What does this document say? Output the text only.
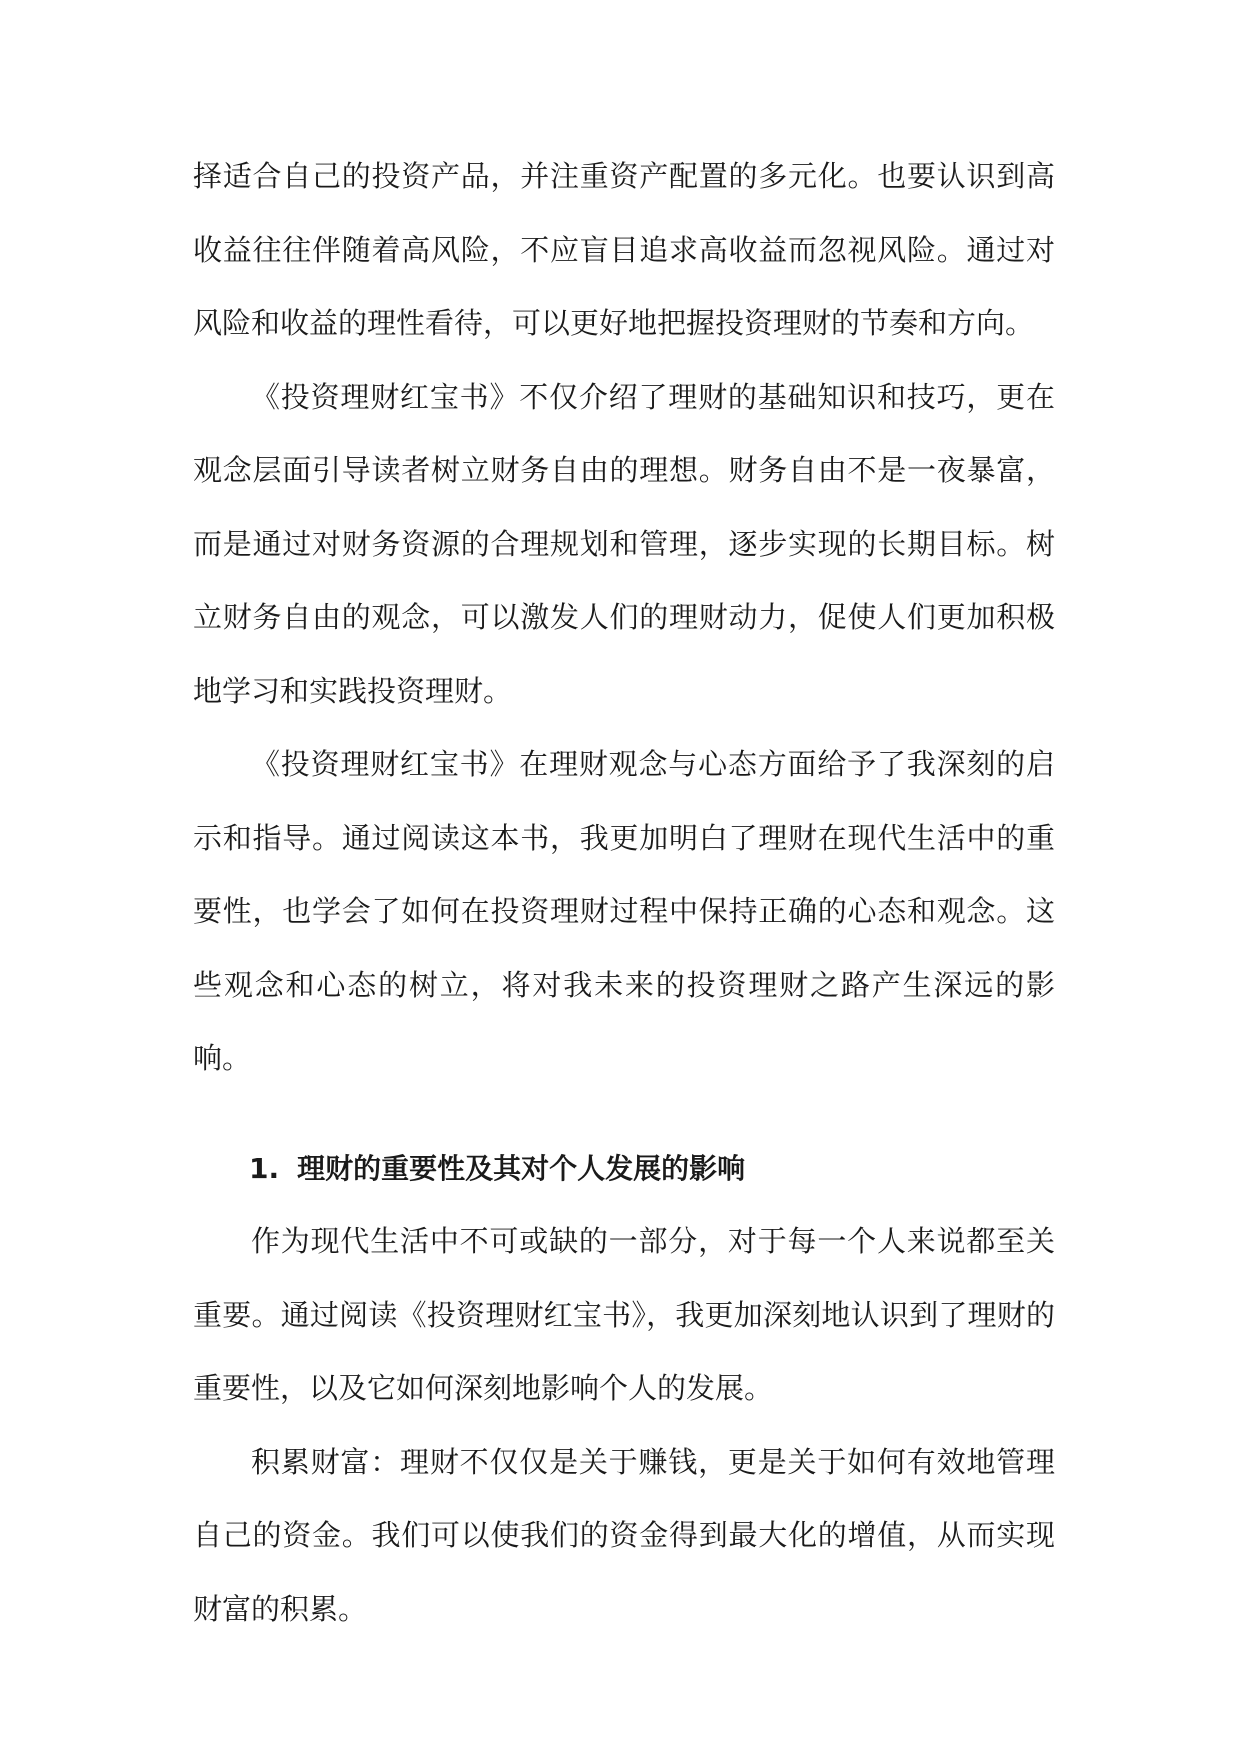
择适合自己的投资产品，并注重资产配置的多元化。也要认识到高收益往往伴随着高风险，不应盲目追求高收益而忽视风险。通过对风险和收益的理性看待，可以更好地把握投资理财的节奏和方向。

《投资理财红宝书》不仅介绍了理财的基础知识和技巧，更在观念层面引导读者树立财务自由的理想。财务自由不是一夜暴富，而是通过对财务资源的合理规划和管理，逐步实现的长期目标。树立财务自由的观念，可以激发人们的理财动力，促使人们更加积极地学习和实践投资理财。

《投资理财红宝书》在理财观念与心态方面给予了我深刻的启示和指导。通过阅读这本书，我更加明白了理财在现代生活中的重要性，也学会了如何在投资理财过程中保持正确的心态和观念。这些观念和心态的树立，将对我未来的投资理财之路产生深远的影响。

1. 理财的重要性及其对个人发展的影响

作为现代生活中不可或缺的一部分，对于每一个人来说都至关重要。通过阅读《投资理财红宝书》，我更加深刻地认识到了理财的重要性，以及它如何深刻地影响个人的发展。

积累财富：理财不仅仅是关于赚钱，更是关于如何有效地管理自己的资金。我们可以使我们的资金得到最大化的增值，从而实现财富的积累。
